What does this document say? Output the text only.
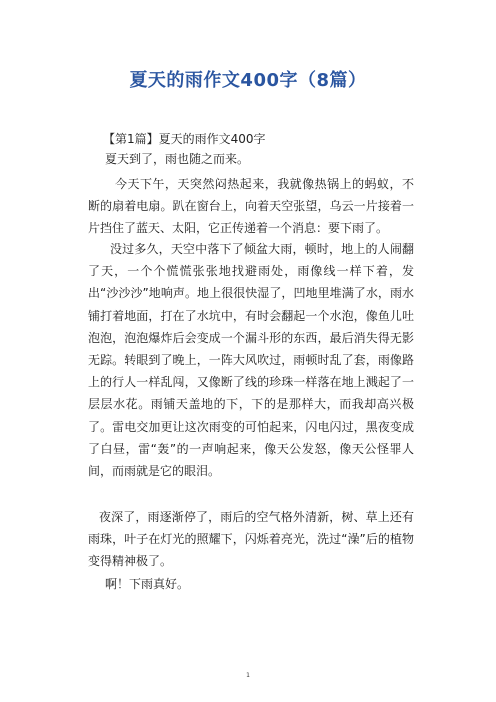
夏天的雨作文400字（8篇）
【第1篇】夏天的雨作文400字

夏天到了，雨也随之而来。

今天下午，天突然闷热起来，我就像热锅上的蚂蚁，不断的扇着电扇。趴在窗台上，向着天空张望，乌云一片接着一片挡住了蓝天、太阳，它正传递着一个消息：要下雨了。

没过多久，天空中落下了倾盆大雨，顿时，地上的人闹翻了天，一个个慌慌张张地找避雨处，雨像线一样下着，发出“沙沙沙”地响声。地上很很快湿了，凹地里堆满了水，雨水铺打着地面，打在了水坑中，有时会翻起一个水泡，像鱼儿吐泡泡，泡泡爆炸后会变成一个漏斗形的东西，最后消失得无影无踪。转眼到了晚上，一阵大风吹过，雨顿时乱了套，雨像路上的行人一样乱闯，又像断了线的珍珠一样落在地上溅起了一层层水花。雨铺天盖地的下，下的是那样大，而我却高兴极了。雷电交加更让这次雨变的可怕起来，闪电闪过，黑夜变成了白昼，雷“轰”的一声响起来，像天公发怒，像天公怪罪人间，而雨就是它的眼泪。

夜深了，雨逐渐停了，雨后的空气格外清新，树、草上还有雨珠，叶子在灯光的照耀下，闪烁着亮光，洗过“澡”后的植物变得精神极了。

啊！下雨真好。

1
